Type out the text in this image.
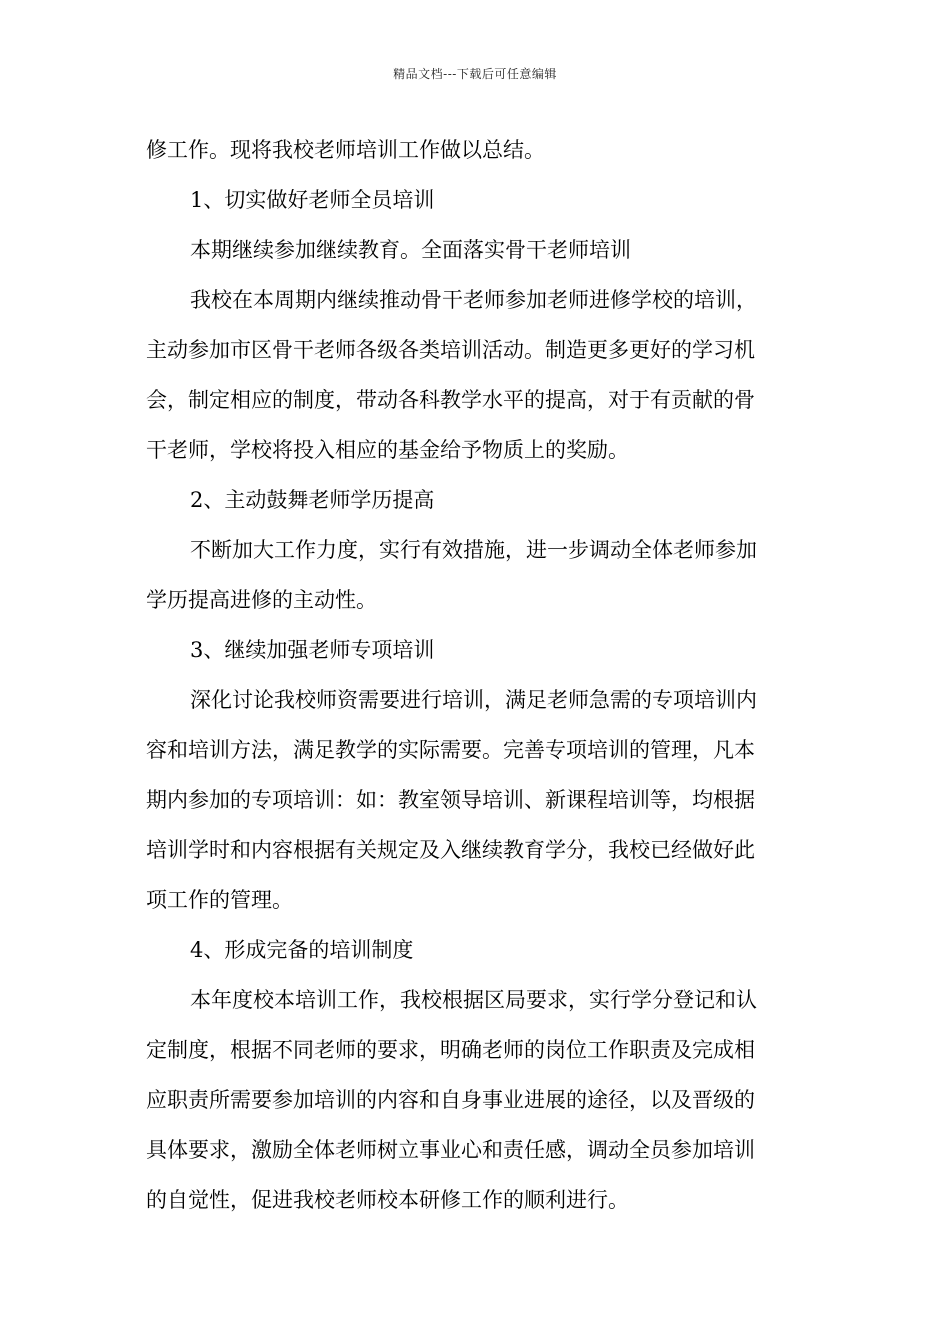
精品文档---下载后可任意编辑
修工作。现将我校老师培训工作做以总结。
1、切实做好老师全员培训
本期继续参加继续教育。全面落实骨干老师培训
我校在本周期内继续推动骨干老师参加老师进修学校的培训，
主动参加市区骨干老师各级各类培训活动。制造更多更好的学习机
会，制定相应的制度，带动各科教学水平的提高，对于有贡献的骨
干老师，学校将投入相应的基金给予物质上的奖励。
2、主动鼓舞老师学历提高
不断加大工作力度，实行有效措施，进一步调动全体老师参加
学历提高进修的主动性。
3、继续加强老师专项培训
深化讨论我校师资需要进行培训，满足老师急需的专项培训内
容和培训方法，满足教学的实际需要。完善专项培训的管理，凡本
期内参加的专项培训：如：教室领导培训、新课程培训等，均根据
培训学时和内容根据有关规定及入继续教育学分，我校已经做好此
项工作的管理。
4、形成完备的培训制度
本年度校本培训工作，我校根据区局要求，实行学分登记和认
定制度，根据不同老师的要求，明确老师的岗位工作职责及完成相
应职责所需要参加培训的内容和自身事业进展的途径，以及晋级的
具体要求，激励全体老师树立事业心和责任感，调动全员参加培训
的自觉性，促进我校老师校本研修工作的顺利进行。
